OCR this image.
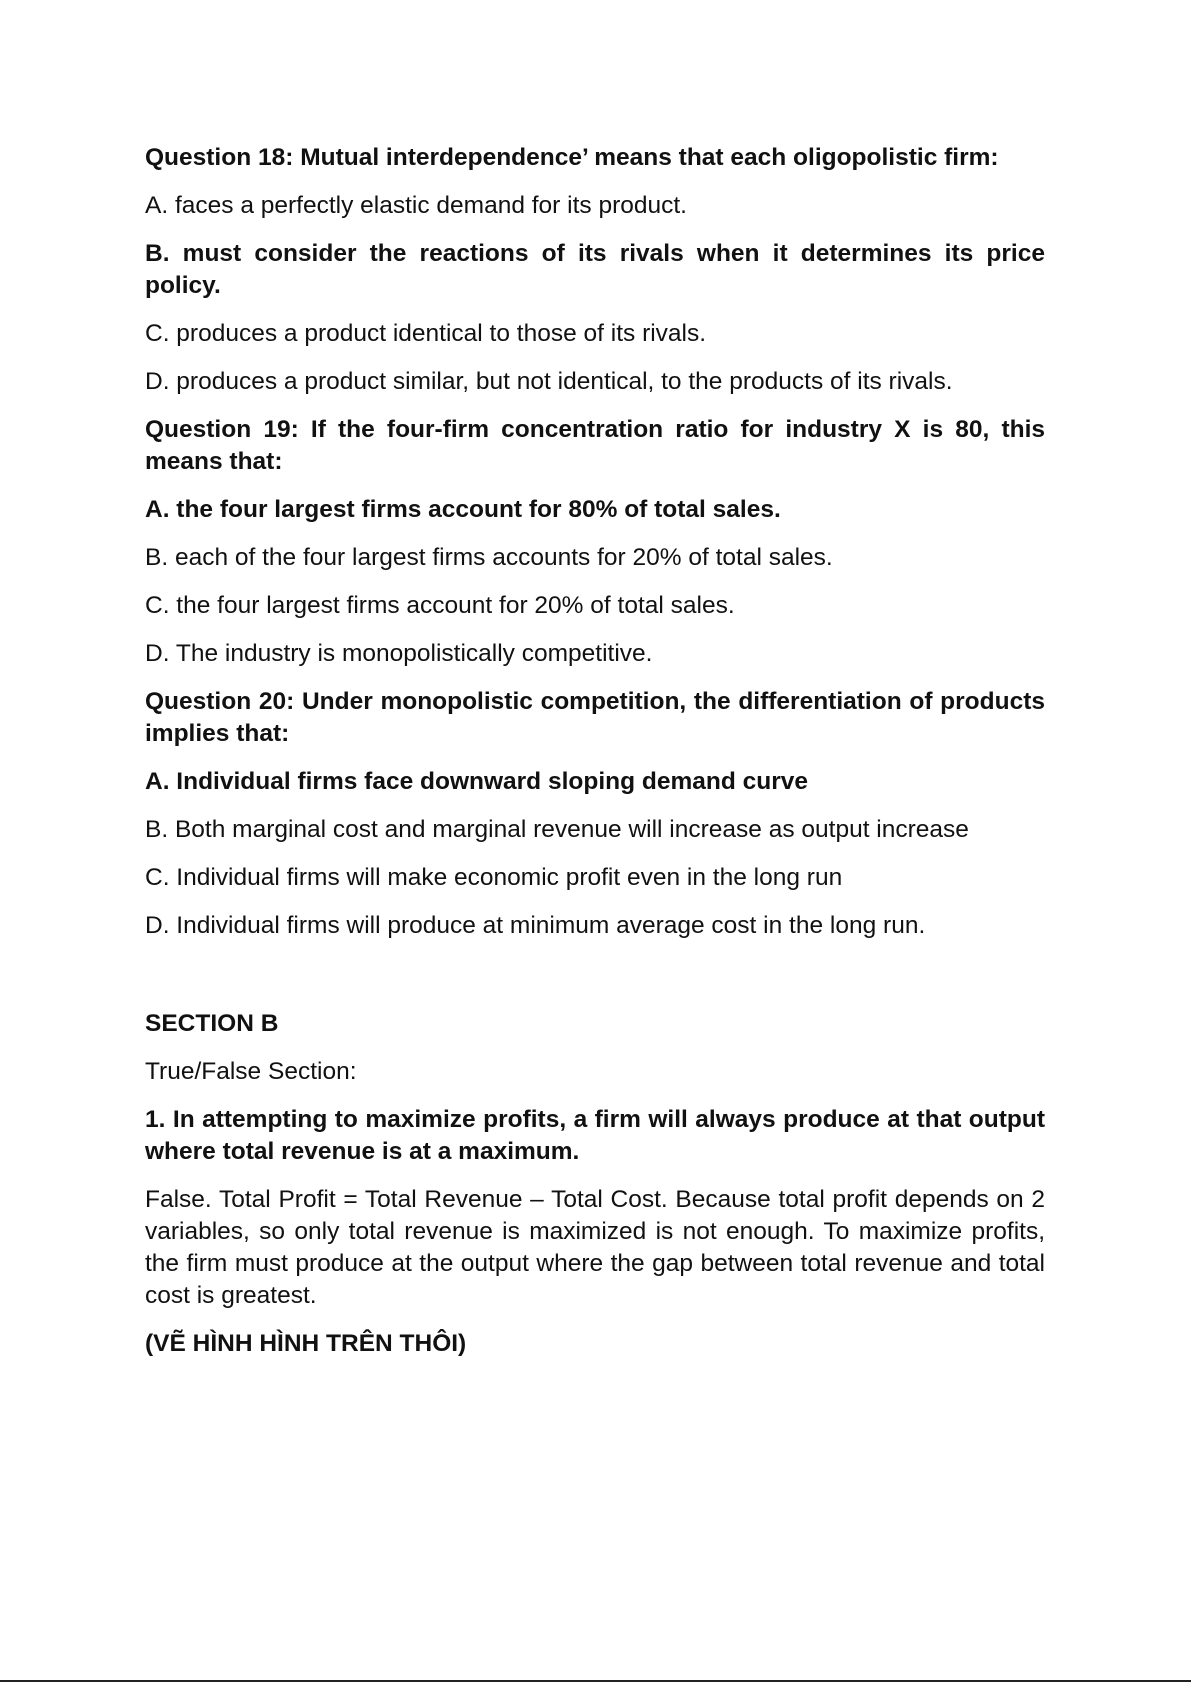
Question 18: Mutual interdependence’ means that each oligopolistic firm:

A. faces a perfectly elastic demand for its product.

B. must consider the reactions of its rivals when it determines its price policy.

C. produces a product identical to those of its rivals.

D. produces a product similar, but not identical, to the products of its rivals.

Question 19: If the four-firm concentration ratio for industry X is 80, this means that:

A. the four largest firms account for 80% of total sales.

B. each of the four largest firms accounts for 20% of total sales.

C. the four largest firms account for 20% of total sales.

D. The industry is monopolistically competitive.

Question 20: Under monopolistic competition, the differentiation of products implies that:

A. Individual firms face downward sloping demand curve

B. Both marginal cost and marginal revenue will increase as output increase

C. Individual firms will make economic profit even in the long run

D. Individual firms will produce at minimum average cost in the long run.

SECTION B

True/False Section:

1. In attempting to maximize profits, a firm will always produce at that output where total revenue is at a maximum.

False. Total Profit = Total Revenue – Total Cost. Because total profit depends on 2 variables, so only total revenue is maximized is not enough. To maximize profits, the firm must produce at the output where the gap between total revenue and total cost is greatest.

(VẼ HÌNH HÌNH TRÊN THÔI)
